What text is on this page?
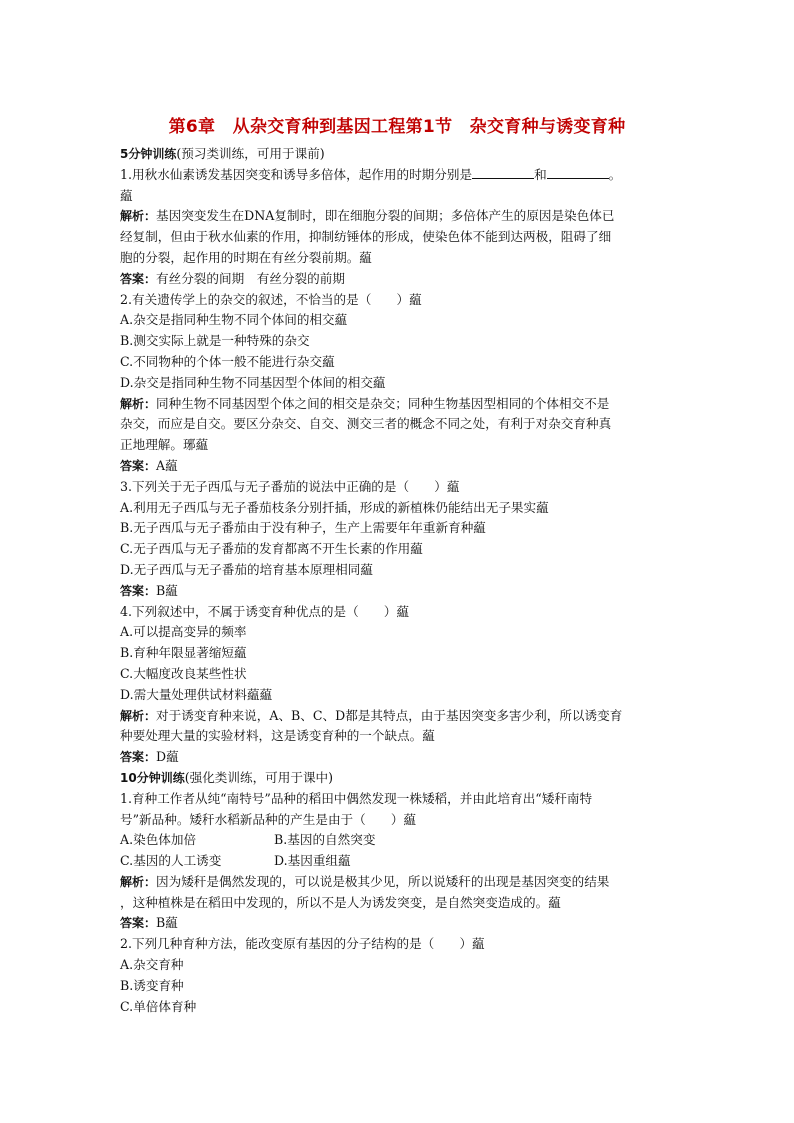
第6章　从杂交育种到基因工程第1节　杂交育种与诱变育种
5分钟训练(预习类训练，可用于课前)
1.用秋水仙素诱发基因突变和诱导多倍体，起作用的时期分别是	和	。
藴
解析：基因突变发生在DNA复制时，即在细胞分裂的间期；多倍体产生的原因是染色体已
经复制，但由于秋水仙素的作用，抑制纺锤体的形成，使染色体不能到达两极，阻碍了细
胞的分裂，起作用的时期在有丝分裂前期。藴
答案：有丝分裂的间期　有丝分裂的前期
2.有关遗传学上的杂交的叙述，不恰当的是（　　）藴
A.杂交是指同种生物不同个体间的相交藴
B.测交实际上就是一种特殊的杂交
C.不同物种的个体一般不能进行杂交藴
D.杂交是指同种生物不同基因型个体间的相交藴
解析：同种生物不同基因型个体之间的相交是杂交；同种生物基因型相同的个体相交不是
杂交，而应是自交。要区分杂交、自交、测交三者的概念不同之处，有利于对杂交育种真
正地理解。琊藴
答案：A藴
3.下列关于无子西瓜与无子番茄的说法中正确的是（　　）藴
A.利用无子西瓜与无子番茄枝条分别扦插，形成的新植株仍能结出无子果实藴
B.无子西瓜与无子番茄由于没有种子，生产上需要年年重新育种藴
C.无子西瓜与无子番茄的发育都离不开生长素的作用藴
D.无子西瓜与无子番茄的培育基本原理相同藴
答案：B藴
4.下列叙述中，不属于诱变育种优点的是（　　）藴
A.可以提高变异的频率
B.育种年限显著缩短藴
C.大幅度改良某些性状
D.需大量处理供试材料藴藴
解析：对于诱变育种来说，A、B、C、D都是其特点，由于基因突变多害少利，所以诱变育
种要处理大量的实验材料，这是诱变育种的一个缺点。藴
答案：D藴
10分钟训练(强化类训练，可用于课中)
1.育种工作者从纯“南特号”品种的稻田中偶然发现一株矮稻，并由此培育出“矮秆南特
号”新品种。矮秆水稻新品种的产生是由于（　　）藴
A.染色体加倍	B.基因的自然突变
C.基因的人工诱变	D.基因重组藴
解析：因为矮秆是偶然发现的，可以说是极其少见，所以说矮秆的出现是基因突变的结果
，这种植株是在稻田中发现的，所以不是人为诱发突变，是自然突变造成的。藴
答案：B藴
2.下列几种育种方法，能改变原有基因的分子结构的是（　　）藴
A.杂交育种
B.诱变育种
C.单倍体育种
